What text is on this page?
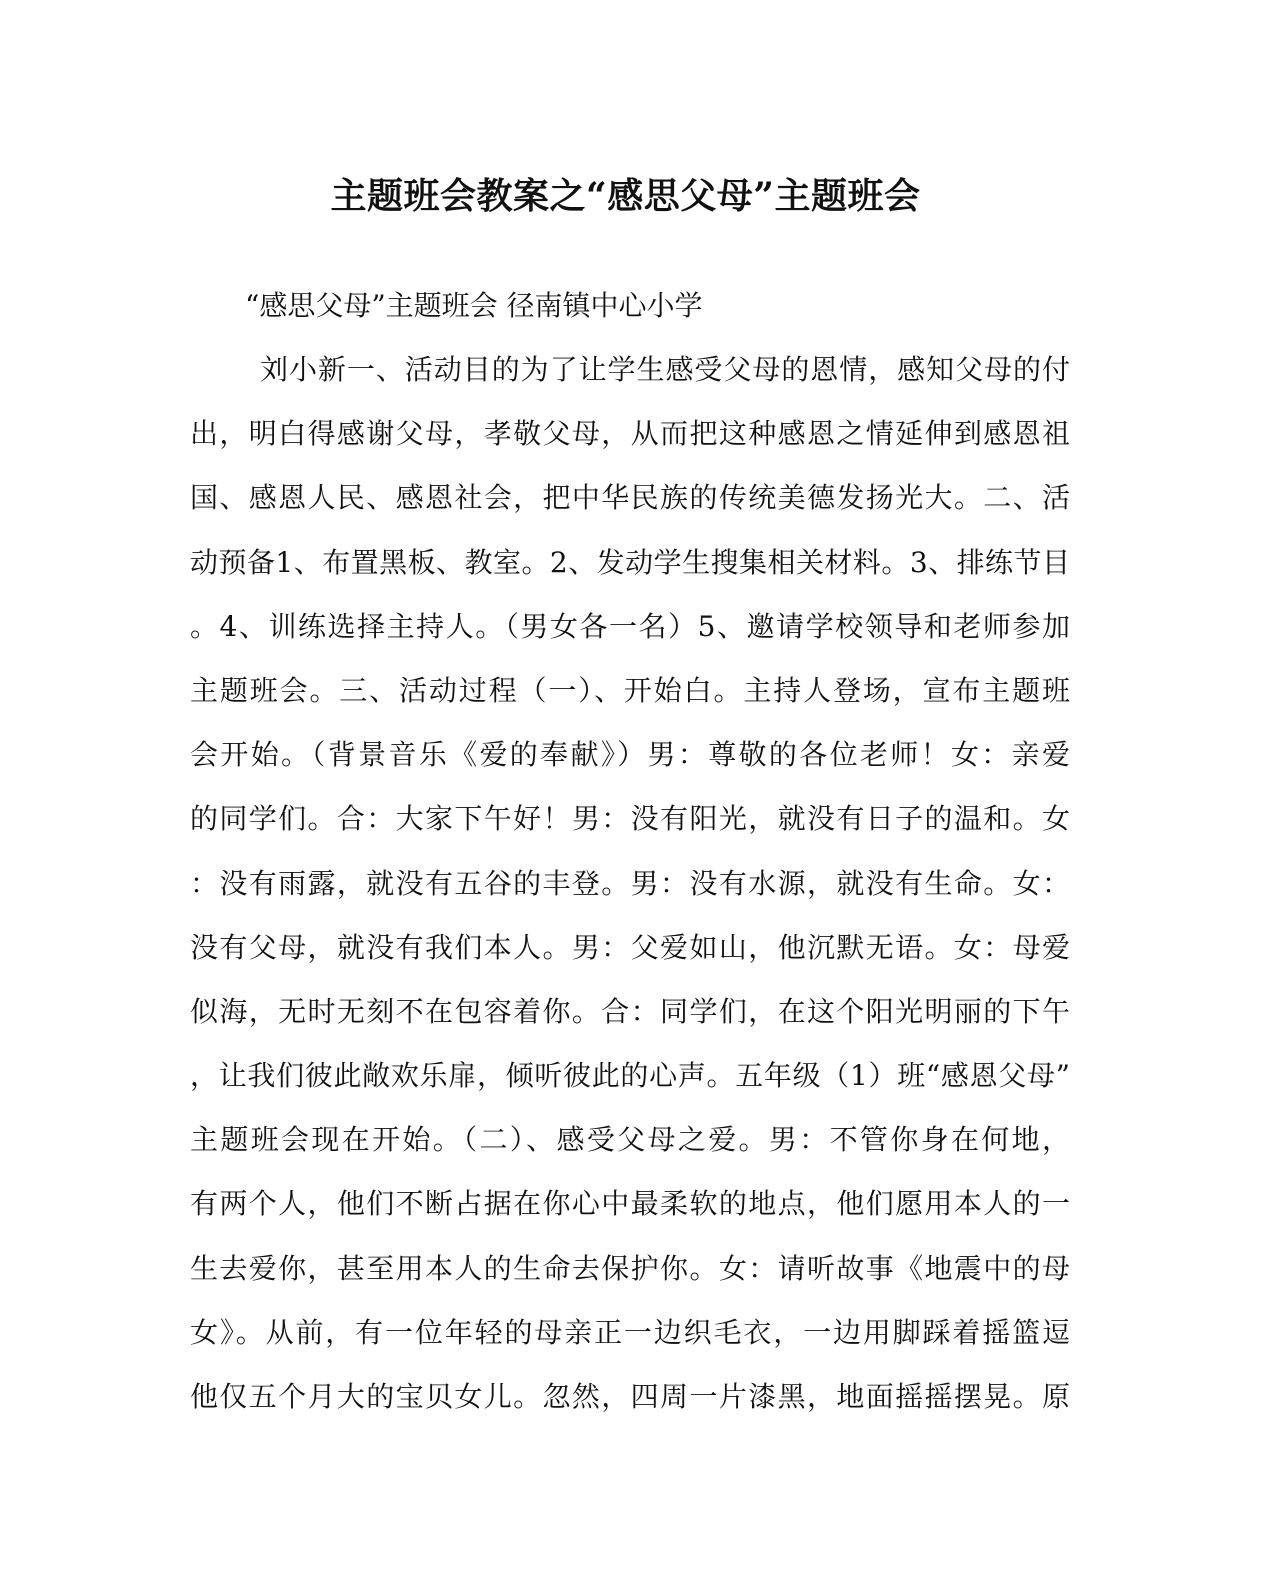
主题班会教案之“感思父母”主题班会
“感思父母”主题班会 径南镇中心小学
刘小新一、活动目的为了让学生感受父母的恩情，感知父母的付
出，明白得感谢父母，孝敬父母，从而把这种感恩之情延伸到感恩祖
国、感恩人民、感恩社会，把中华民族的传统美德发扬光大。二、活
动预备1、布置黑板、教室。2、发动学生搜集相关材料。3、排练节目
。4、训练选择主持人。（男女各一名）5、邀请学校领导和老师参加
主题班会。三、活动过程（一）、开始白。主持人登场，宣布主题班
会开始。（背景音乐《爱的奉献》）男：尊敬的各位老师！女：亲爱
的同学们。合：大家下午好！男：没有阳光，就没有日子的温和。女
：没有雨露，就没有五谷的丰登。男：没有水源，就没有生命。女：
没有父母，就没有我们本人。男：父爱如山，他沉默无语。女：母爱
似海，无时无刻不在包容着你。合：同学们，在这个阳光明丽的下午
，让我们彼此敞欢乐扉，倾听彼此的心声。五年级（1）班“感恩父母”
主题班会现在开始。（二）、感受父母之爱。男：不管你身在何地，
有两个人，他们不断占据在你心中最柔软的地点，他们愿用本人的一
生去爱你，甚至用本人的生命去保护你。女：请听故事《地震中的母
女》。从前，有一位年轻的母亲正一边织毛衣，一边用脚踩着摇篮逗
他仅五个月大的宝贝女儿。忽然，四周一片漆黑，地面摇摇摆晃。原
